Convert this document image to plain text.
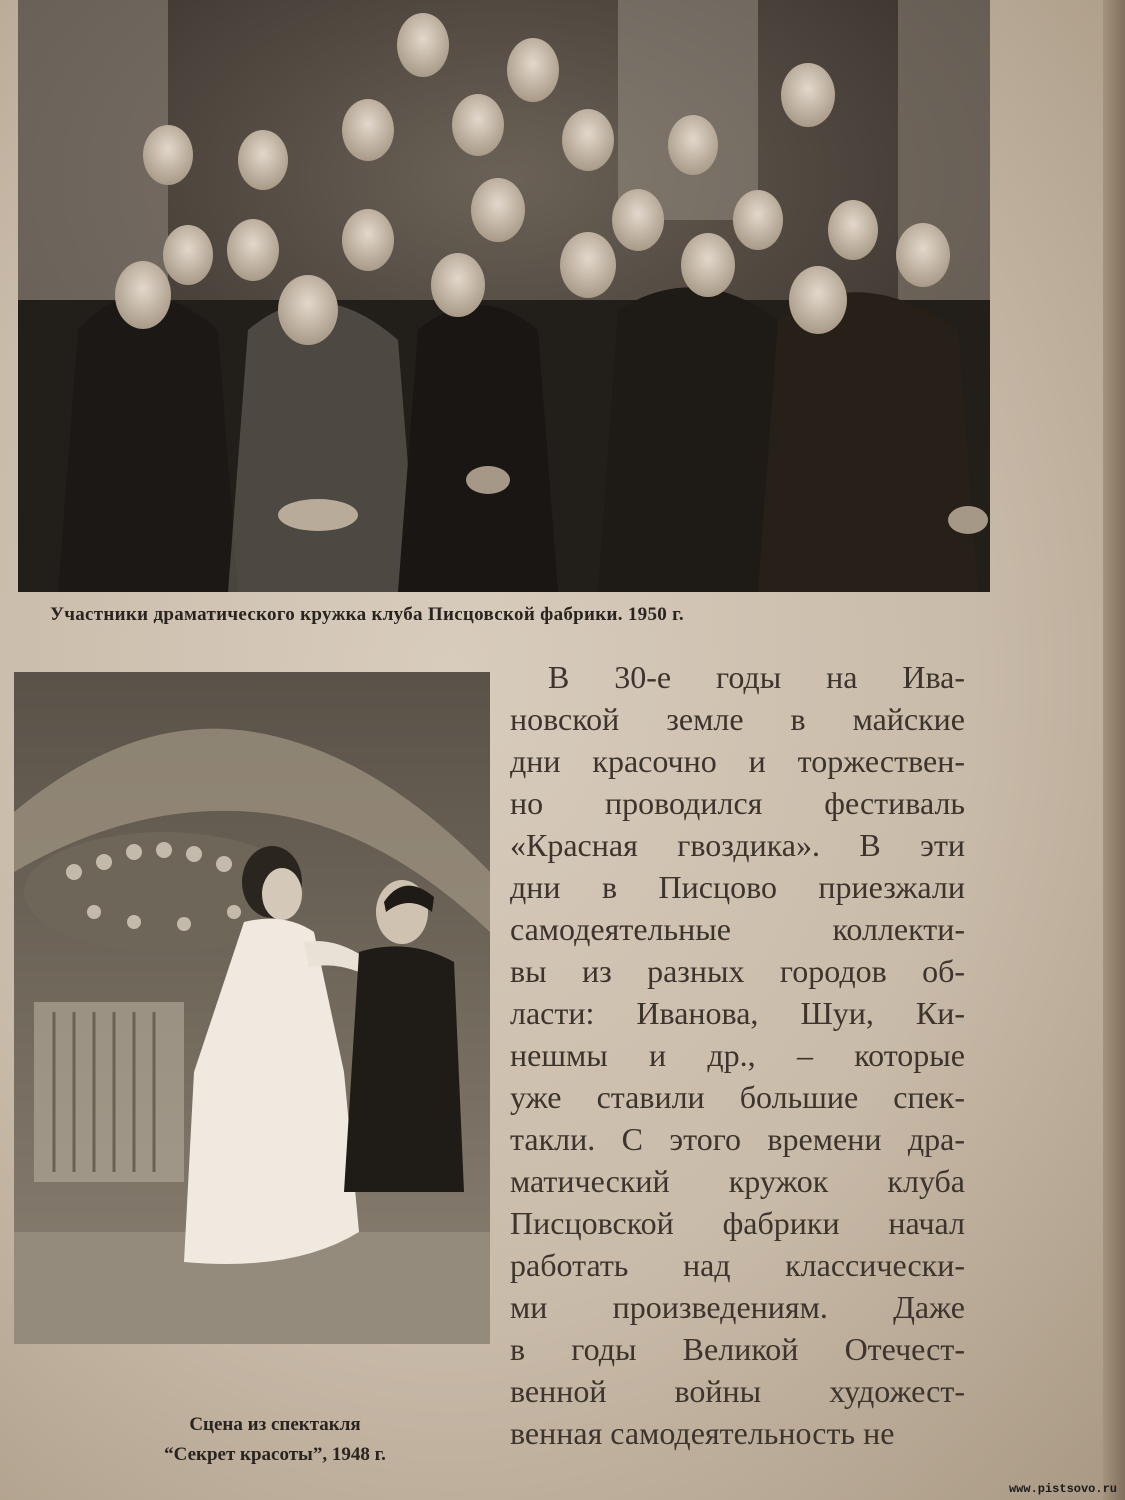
Участники драматического кружка клуба Писцовской фабрики. 1950 г.
Сцена из спектакля
“Секрет красоты”, 1948 г.
В 30-е годы на Ива-
новской земле в майские
дни красочно и торжествен-
но проводился фестиваль
«Красная гвоздика». В эти
дни в Писцово приезжали
самодеятельные коллекти-
вы из разных городов об-
ласти: Иванова, Шуи, Ки-
нешмы и др., – которые
уже ставили большие спек-
такли. С этого времени дра-
матический кружок клуба
Писцовской фабрики начал
работать над классически-
ми произведениям. Даже
в годы Великой Отечест-
венной войны художест-
венная самодеятельность не
www.pistsovo.ru
